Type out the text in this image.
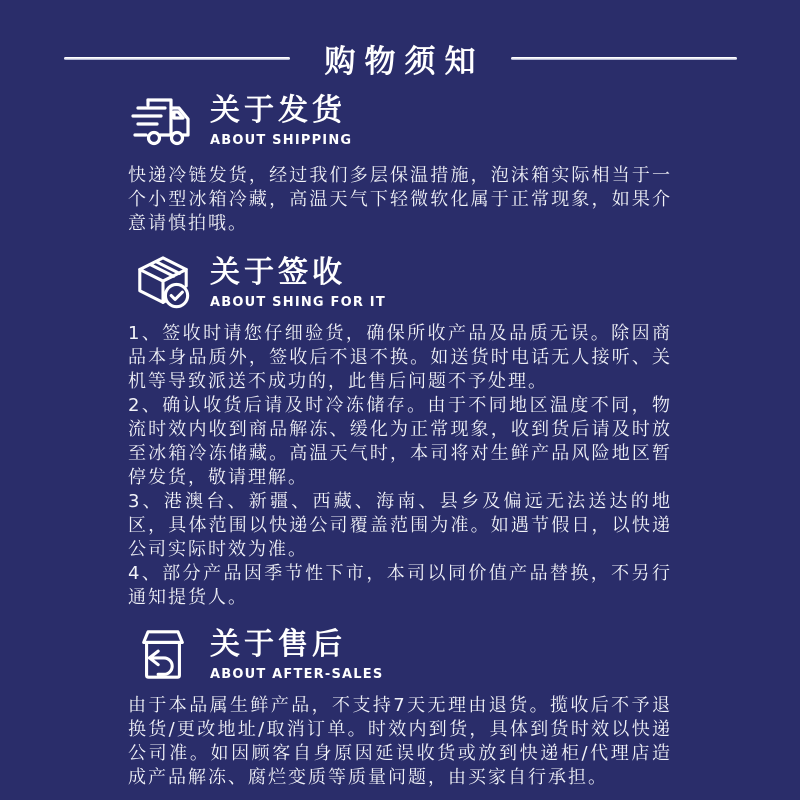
购物须知
关于发货
ABOUT SHIPPING

快递冷链发货，经过我们多层保温措施，泡沫箱实际相当于一个小型冰箱冷藏，高温天气下轻微软化属于正常现象，如果介意请慎拍哦。

关于签收
ABOUT SHING FOR IT

1、签收时请您仔细验货，确保所收产品及品质无误。除因商品本身品质外，签收后不退不换。如送货时电话无人接听、关机等导致派送不成功的，此售后问题不予处理。

2、确认收货后请及时冷冻储存。由于不同地区温度不同，物流时效内收到商品解冻、缓化为正常现象，收到货后请及时放至冰箱冷冻储藏。高温天气时，本司将对生鲜产品风险地区暂停发货，敬请理解。

3、港澳台、新疆、西藏、海南、县乡及偏远无法送达的地区，具体范围以快递公司覆盖范围为准。如遇节假日，以快递公司实际时效为准。

4、部分产品因季节性下市，本司以同价值产品替换，不另行通知提货人。

关于售后
ABOUT AFTER-SALES

由于本品属生鲜产品，不支持7天无理由退货。揽收后不予退换货/更改地址/取消订单。时效内到货，具体到货时效以快递公司准。如因顾客自身原因延误收货或放到快递柜/代理店造成产品解冻、腐烂变质等质量问题，由买家自行承担。
